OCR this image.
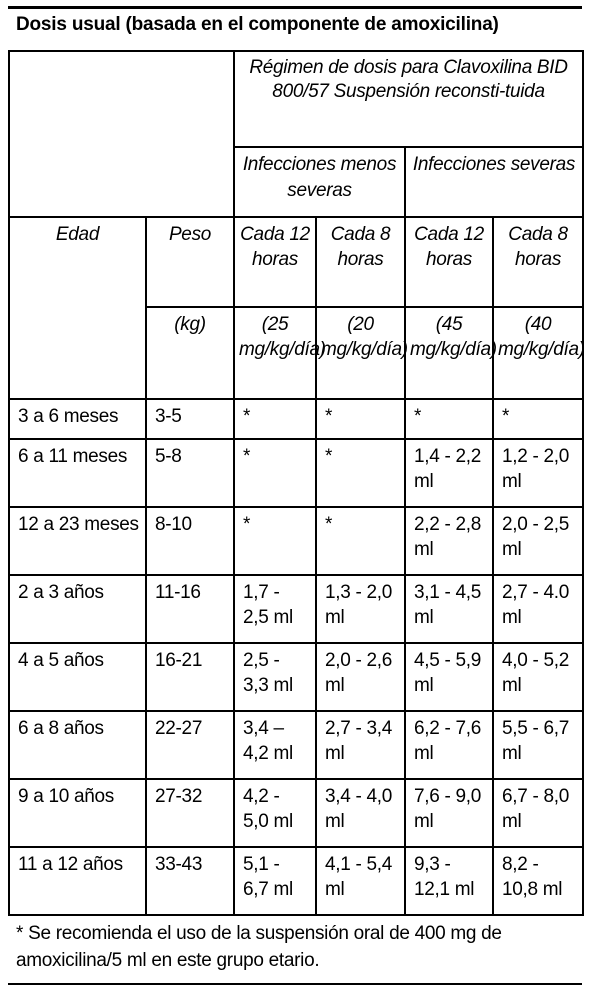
Dosis usual (basada en el componente de amoxicilina)
		Régimen de dosis para Clavoxilina BID 800/57 Suspensión reconsti-tuida			
		Infecciones menos severas		Infecciones severas	
Edad	Peso	Cada 12 horas	Cada 8 horas	Cada 12 horas	Cada 8 horas
	(kg)	(25 mg/kg/día)	(20 mg/kg/día)	(45 mg/kg/día)	(40 mg/kg/día)
3 a 6 meses	3-5	*	*	*	*
6 a 11 meses	5-8	*	*	1,4 - 2,2 ml	1,2 - 2,0 ml
12 a 23 meses	8-10	*	*	2,2 - 2,8 ml	2,0 - 2,5 ml
2 a 3 años	11-16	1,7 - 2,5 ml	1,3 - 2,0 ml	3,1 - 4,5 ml	2,7 - 4.0 ml
4 a 5 años	16-21	2,5 - 3,3 ml	2,0 - 2,6 ml	4,5 - 5,9 ml	4,0 - 5,2 ml
6 a 8 años	22-27	3,4 – 4,2 ml	2,7 - 3,4 ml	6,2 - 7,6 ml	5,5 - 6,7 ml
9 a 10 años	27-32	4,2 - 5,0 ml	3,4 - 4,0 ml	7,6 - 9,0 ml	6,7 - 8,0 ml
11 a 12 años	33-43	5,1 - 6,7 ml	4,1 - 5,4 ml	9,3 - 12,1 ml	8,2 - 10,8 ml
* Se recomienda el uso de la suspensión oral de 400 mg de amoxicilina/5 ml en este grupo etario.
